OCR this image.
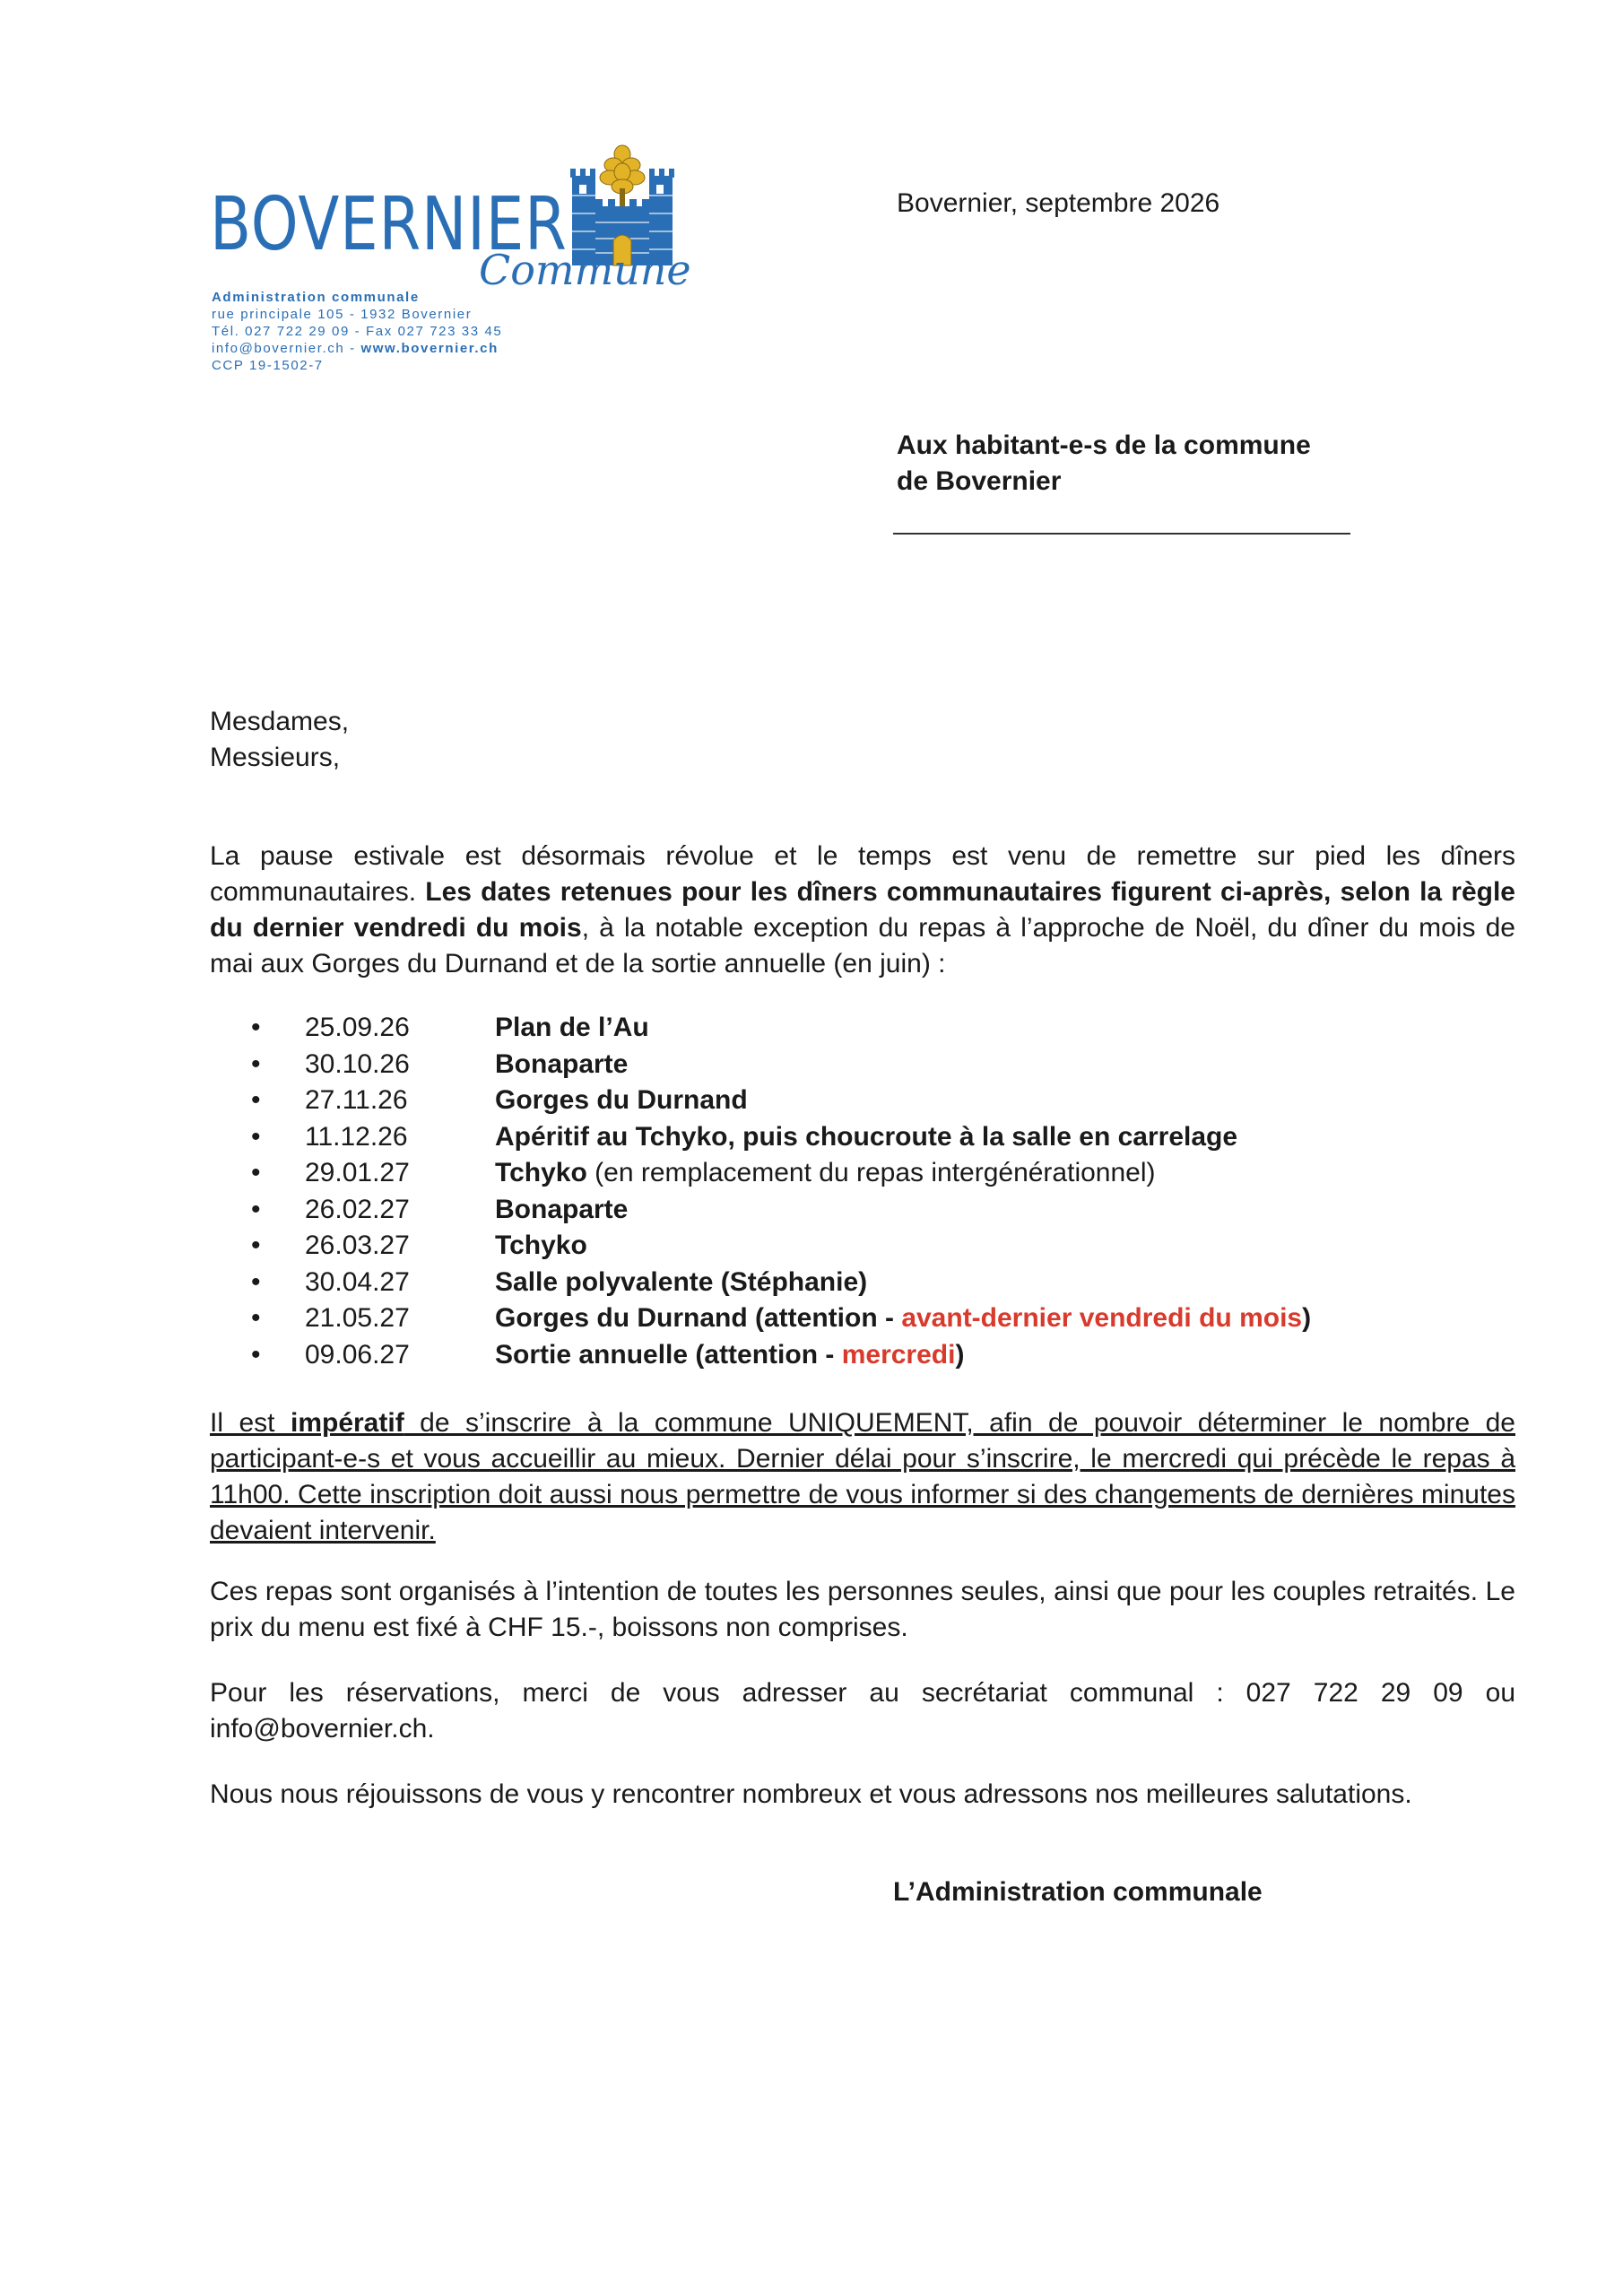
BOVERNIER
Commune
Administration communale
rue principale 105 - 1932 Bovernier
Tél. 027 722 29 09 - Fax 027 723 33 45
info@bovernier.ch - www.bovernier.ch
CCP 19-1502-7
Bovernier, septembre 2026
Aux habitant-e-s de la commune
de Bovernier
Mesdames,
Messieurs,
La pause estivale est désormais révolue et le temps est venu de remettre sur pied les dîners communautaires. Les dates retenues pour les dîners communautaires figurent ci-après, selon la règle du dernier vendredi du mois, à la notable exception du repas à l’approche de Noël, du dîner du mois de mai aux Gorges du Durnand et de la sortie annuelle (en juin) :
• 25.09.26	Plan de l’Au
• 30.10.26	Bonaparte
• 27.11.26	Gorges du Durnand
• 11.12.26	Apéritif au Tchyko, puis choucroute à la salle en carrelage
• 29.01.27	Tchyko (en remplacement du repas intergénérationnel)
• 26.02.27	Bonaparte
• 26.03.27	Tchyko
• 30.04.27	Salle polyvalente (Stéphanie)
• 21.05.27	Gorges du Durnand (attention - avant-dernier vendredi du mois)
• 09.06.27	Sortie annuelle (attention - mercredi)
Il est impératif de s’inscrire à la commune UNIQUEMENT, afin de pouvoir déterminer le nombre de participant-e-s et vous accueillir au mieux. Dernier délai pour s’inscrire, le mercredi qui précède le repas à 11h00. Cette inscription doit aussi nous permettre de vous informer si des changements de dernières minutes devaient intervenir.
Ces repas sont organisés à l’intention de toutes les personnes seules, ainsi que pour les couples retraités. Le prix du menu est fixé à CHF 15.-, boissons non comprises.
Pour les réservations, merci de vous adresser au secrétariat communal : 027 722 29 09 ou info@bovernier.ch.
Nous nous réjouissons de vous y rencontrer nombreux et vous adressons nos meilleures salutations.
L’Administration communale
